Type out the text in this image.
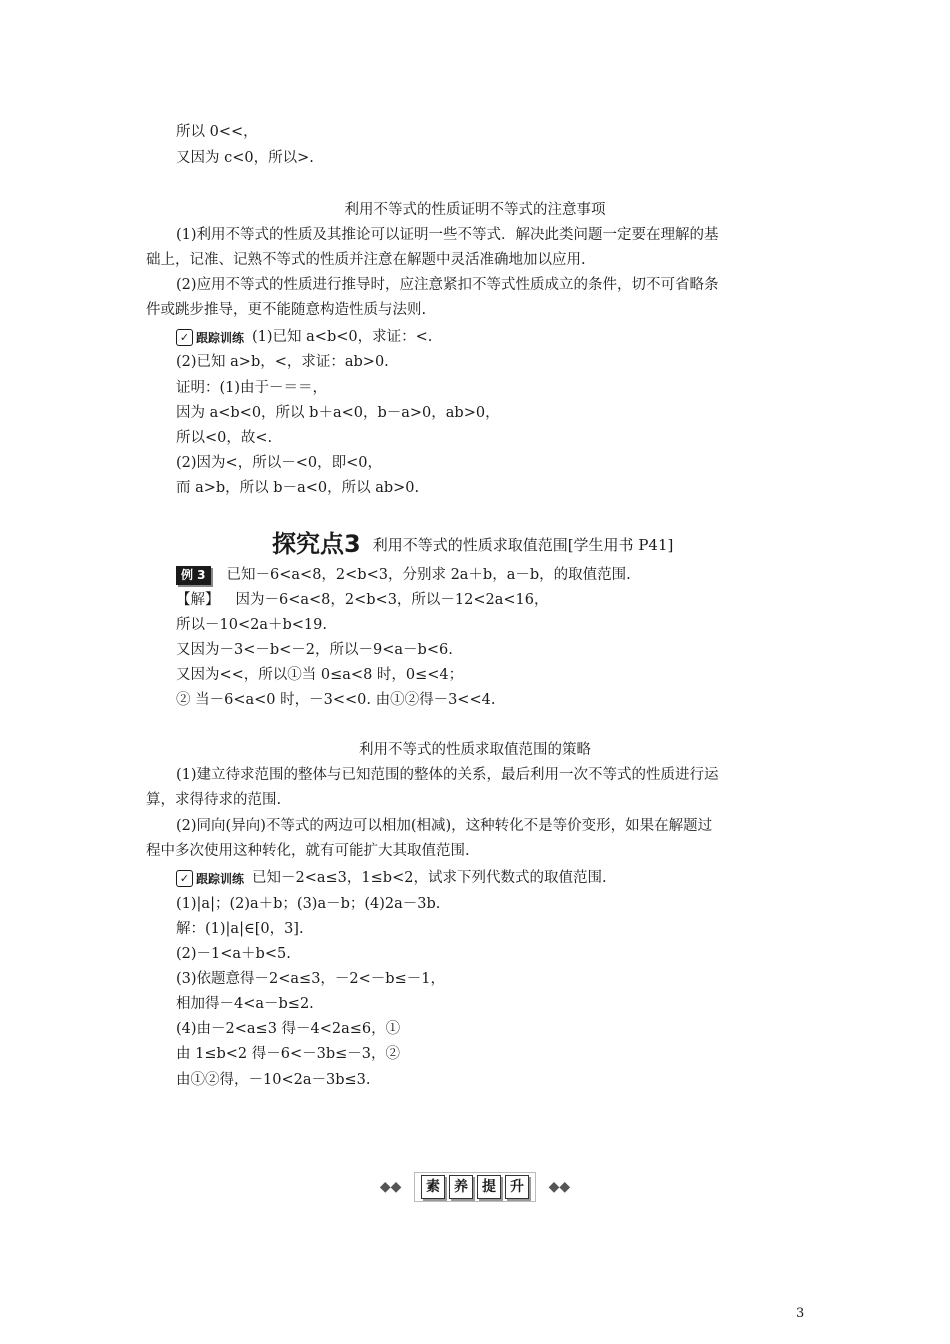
所以 0<<，
又因为 c<0，所以>.
利用不等式的性质证明不等式的注意事项
(1)利用不等式的性质及其推论可以证明一些不等式．解决此类问题一定要在理解的基
础上，记准、记熟不等式的性质并注意在解题中灵活准确地加以应用.
(2)应用不等式的性质进行推导时，应注意紧扣不等式性质成立的条件，切不可省略条
件或跳步推导，更不能随意构造性质与法则.
✓ 跟踪训练 (1)已知 a<b<0，求证：<.
(2)已知 a>b，<，求证：ab>0.
证明：(1)由于－＝＝，
因为 a<b<0，所以 b＋a<0，b－a>0，ab>0，
所以<0，故<.
(2)因为<，所以－<0，即<0，
而 a>b，所以 b－a<0，所以 ab>0.
探究点3 利用不等式的性质求取值范围[学生用书 P41]
例 3 已知－6<a<8，2<b<3，分别求 2a＋b，a－b，的取值范围.
【解】 因为－6<a<8，2<b<3，所以－12<2a<16，
所以－10<2a＋b<19.
又因为－3<－b<－2，所以－9<a－b<6.
又因为<<，所以①当 0≤a<8 时，0≤<4；
② 当－6<a<0 时，－3<<0. 由①②得－3<<4.
利用不等式的性质求取值范围的策略
(1)建立待求范围的整体与已知范围的整体的关系，最后利用一次不等式的性质进行运
算，求得待求的范围.
(2)同向(异向)不等式的两边可以相加(相减)，这种转化不是等价变形，如果在解题过
程中多次使用这种转化，就有可能扩大其取值范围.
✓ 跟踪训练 已知－2<a≤3，1≤b<2，试求下列代数式的取值范围.
(1)|a|；(2)a＋b；(3)a－b；(4)2a－3b.
解：(1)|a|∈[0，3].
(2)－1<a＋b<5.
(3)依题意得－2<a≤3，－2<－b≤－1，
相加得－4<a－b≤2.
(4)由－2<a≤3 得－4<2a≤6，①
由 1≤b<2 得－6<－3b≤－3，②
由①②得，－10<2a－3b≤3.
◆◆ 素 养 提 升 ◆◆
3
